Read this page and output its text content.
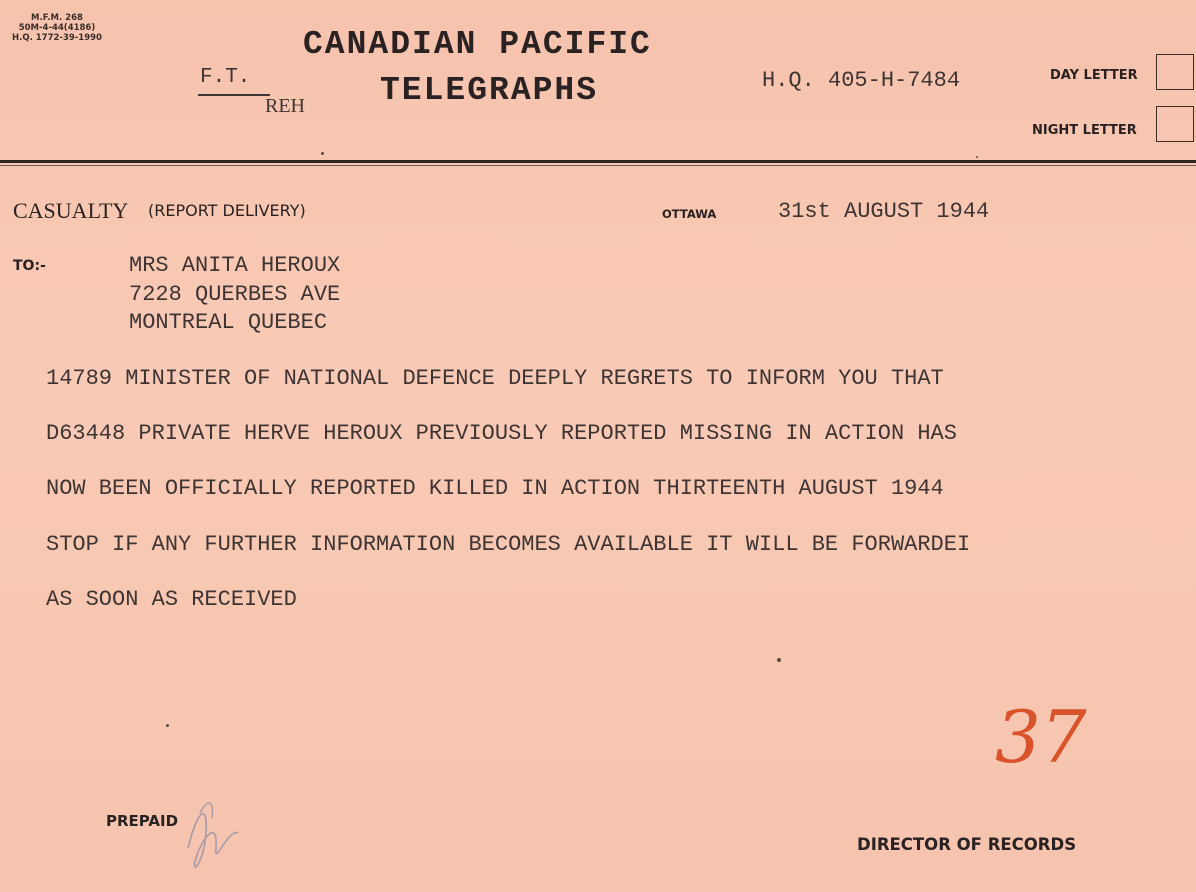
M.F.M. 268
50M-4-44(4186)
H.Q. 1772-39-1990
F.T.
REH
CANADIAN PACIFIC
TELEGRAPHS	H.Q. 405-H-7484	DAY LETTER
NIGHT LETTER
CASUALTY (REPORT DELIVERY)	OTTAWA	31st AUGUST 1944
TO:-	MRS ANITA HEROUX
7228 QUERBES AVE
MONTREAL QUEBEC
14789 MINISTER OF NATIONAL DEFENCE DEEPLY REGRETS TO INFORM YOU THAT
D63448 PRIVATE HERVE HEROUX PREVIOUSLY REPORTED MISSING IN ACTION HAS
NOW BEEN OFFICIALLY REPORTED KILLED IN ACTION THIRTEENTH AUGUST 1944
STOP IF ANY FURTHER INFORMATION BECOMES AVAILABLE IT WILL BE FORWARDEI
AS SOON AS RECEIVED
37
PREPAID
DIRECTOR OF RECORDS
